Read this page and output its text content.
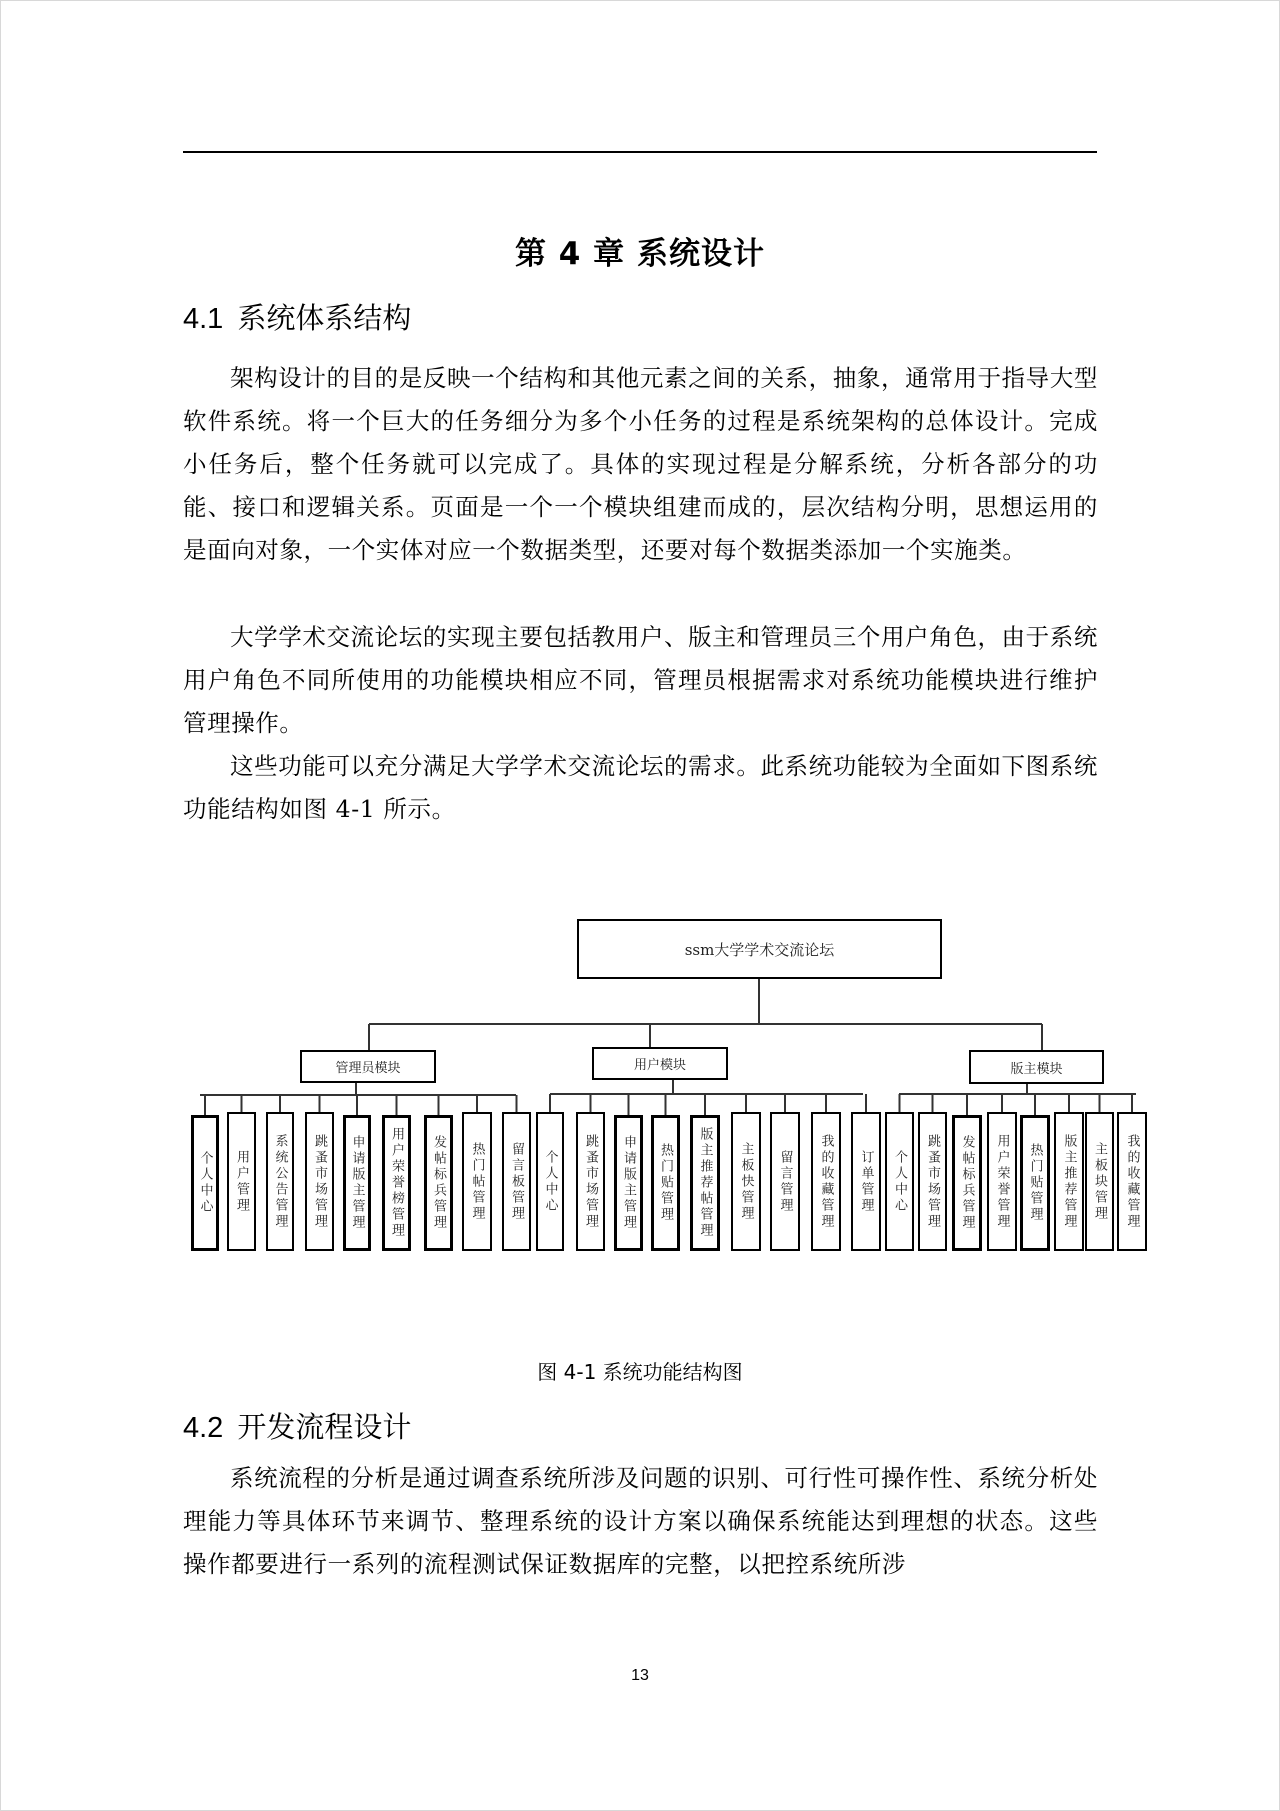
第 4 章 系统设计
4.1 系统体系结构

架构设计的目的是反映一个结构和其他元素之间的关系，抽象，通常用于指导大型软件系统。将一个巨大的任务细分为多个小任务的过程是系统架构的总体设计。完成小任务后，整个任务就可以完成了。具体的实现过程是分解系统，分析各部分的功能、接口和逻辑关系。页面是一个一个模块组建而成的，层次结构分明，思想运用的是面向对象，一个实体对应一个数据类型，还要对每个数据类添加一个实施类。

大学学术交流论坛的实现主要包括教用户、版主和管理员三个用户角色，由于系统用户角色不同所使用的功能模块相应不同，管理员根据需求对系统功能模块进行维护管理操作。

这些功能可以充分满足大学学术交流论坛的需求。此系统功能较为全面如下图系统功能结构如图 4-1 所示。

ssm大学学术交流论坛
管理员模块	用户模块	版主模块
个人中心	用户管理	系统公告管理	跳蚤市场管理	申请版主管理	用户荣誉榜管理	发帖标兵管理	热门帖管理	留言板管理	个人中心	跳蚤市场管理	申请版主管理	热门贴管理	版主推荐帖管理	主板快管理	留言管理	我的收藏管理	订单管理	个人中心	跳蚤市场管理	发帖标兵管理	用户荣誉管理	热门贴管理	版主推荐管理	主板块管理	我的收藏管理
图 4-1 系统功能结构图
4.2 开发流程设计

系统流程的分析是通过调查系统所涉及问题的识别、可行性可操作性、系统分析处理能力等具体环节来调节、整理系统的设计方案以确保系统能达到理想的状态。这些操作都要进行一系列的流程测试保证数据库的完整，以把控系统所涉

13
